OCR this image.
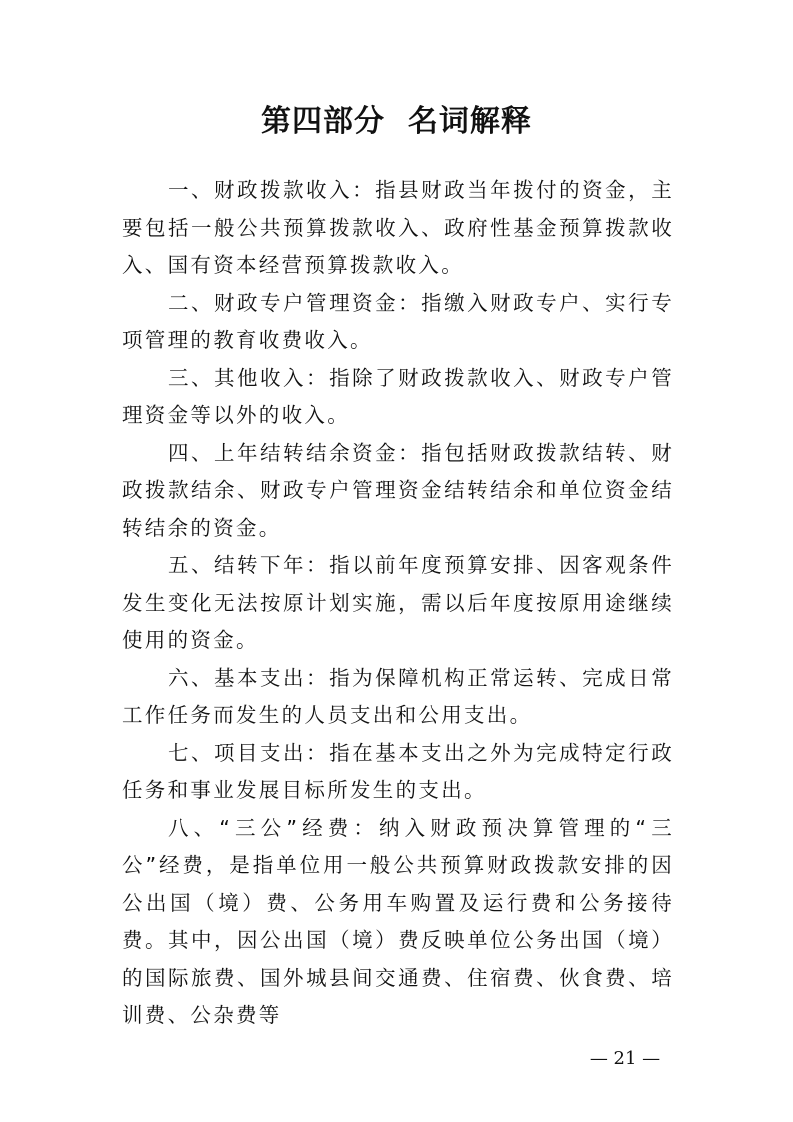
第四部分  名词解释

一、财政拨款收入：指县财政当年拨付的资金，主要包括一般公共预算拨款收入、政府性基金预算拨款收入、国有资本经营预算拨款收入。

二、财政专户管理资金：指缴入财政专户、实行专项管理的教育收费收入。

三、其他收入：指除了财政拨款收入、财政专户管理资金等以外的收入。

四、上年结转结余资金：指包括财政拨款结转、财政拨款结余、财政专户管理资金结转结余和单位资金结转结余的资金。

五、结转下年：指以前年度预算安排、因客观条件发生变化无法按原计划实施，需以后年度按原用途继续使用的资金。

六、基本支出：指为保障机构正常运转、完成日常工作任务而发生的人员支出和公用支出。

七、项目支出：指在基本支出之外为完成特定行政任务和事业发展目标所发生的支出。

八、“三公”经费：纳入财政预决算管理的“三公”经费，是指单位用一般公共预算财政拨款安排的因公出国（境）费、公务用车购置及运行费和公务接待费。其中，因公出国（境）费反映单位公务出国（境）的国际旅费、国外城县间交通费、住宿费、伙食费、培训费、公杂费等

— 21 —
